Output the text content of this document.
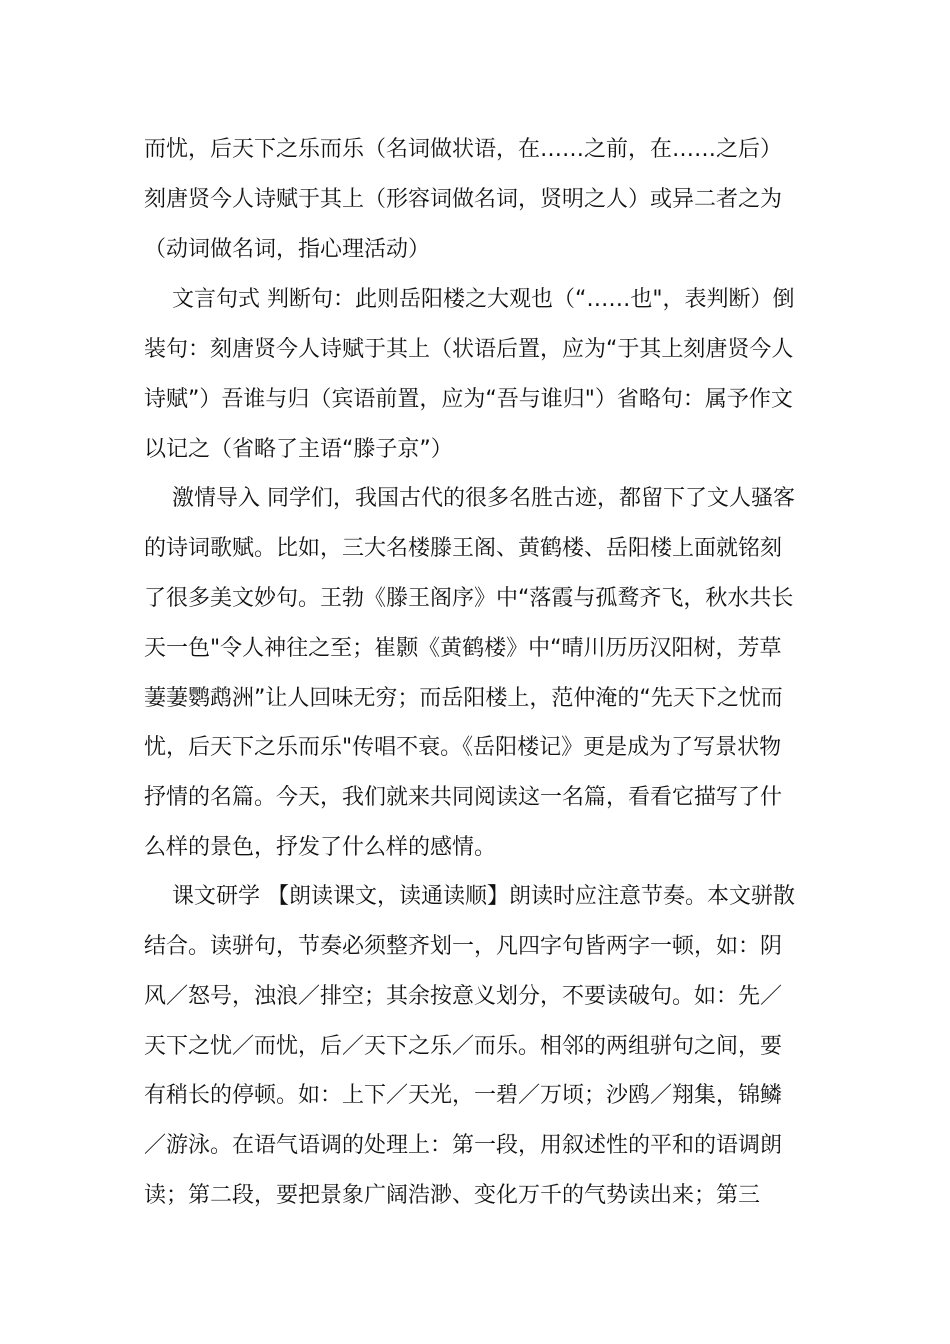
而忧，后天下之乐而乐（名词做状语，在……之前，在……之后）
刻唐贤今人诗赋于其上（形容词做名词，贤明之人）或异二者之为
（动词做名词，指心理活动）
文言句式 判断句：此则岳阳楼之大观也（“……也"，表判断）倒
装句：刻唐贤今人诗赋于其上（状语后置，应为“于其上刻唐贤今人
诗赋”）吾谁与归（宾语前置，应为“吾与谁归"）省略句：属予作文
以记之（省略了主语“滕子京”）
激情导入 同学们，我国古代的很多名胜古迹，都留下了文人骚客
的诗词歌赋。比如，三大名楼滕王阁、黄鹤楼、岳阳楼上面就铭刻
了很多美文妙句。王勃《滕王阁序》中“落霞与孤鹜齐飞，秋水共长
天一色"令人神往之至；崔颢《黄鹤楼》中“晴川历历汉阳树，芳草
萋萋鹦鹉洲”让人回味无穷；而岳阳楼上，范仲淹的“先天下之忧而
忧，后天下之乐而乐"传唱不衰。《岳阳楼记》更是成为了写景状物
抒情的名篇。今天，我们就来共同阅读这一名篇，看看它描写了什
么样的景色，抒发了什么样的感情。
课文研学 【朗读课文，读通读顺】朗读时应注意节奏。本文骈散
结合。读骈句，节奏必须整齐划一，凡四字句皆两字一顿，如：阴
风／怒号，浊浪／排空；其余按意义划分，不要读破句。如：先／
天下之忧／而忧，后／天下之乐／而乐。相邻的两组骈句之间，要
有稍长的停顿。如：上下／天光，一碧／万顷；沙鸥／翔集，锦鳞
／游泳。在语气语调的处理上：第一段，用叙述性的平和的语调朗
读；第二段，要把景象广阔浩渺、变化万千的气势读出来；第三
